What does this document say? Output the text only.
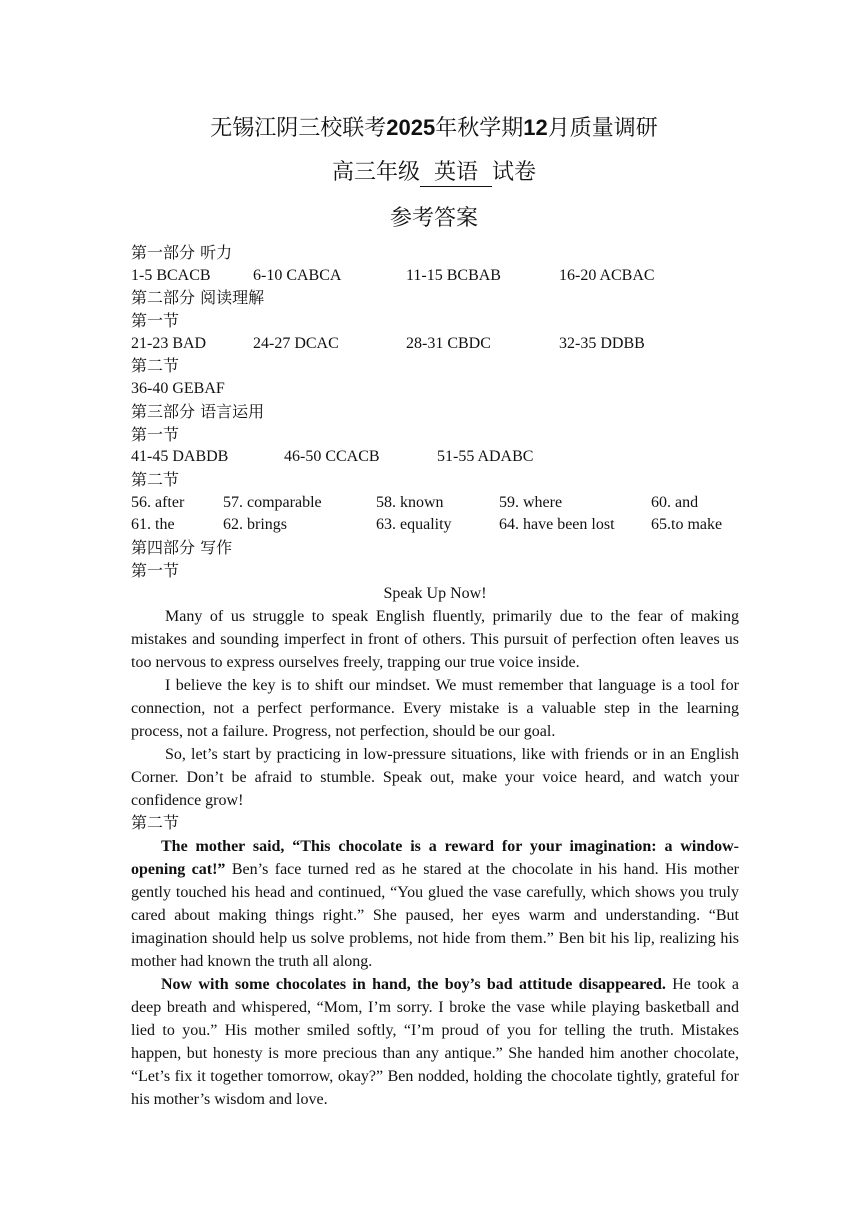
无锡江阴三校联考2025年秋学期12月质量调研
高三年级 英语 试卷
参考答案
第一部分 听力
1-5 BCACB	6-10 CABCA	11-15 BCBAB	16-20 ACBAC
第二部分 阅读理解
第一节
21-23 BAD	24-27 DCAC	28-31 CBDC	32-35 DDBB
第二节
36-40 GEBAF
第三部分 语言运用
第一节
41-45 DABDB	46-50 CCACB	51-55 ADABC
第二节
56. after	57. comparable	58. known	59. where	60. and
61. the	62. brings	63. equality	64. have been lost	65.to make
第四部分 写作
第一节
Speak Up Now!

Many of us struggle to speak English fluently, primarily due to the fear of making mistakes and sounding imperfect in front of others. This pursuit of perfection often leaves us too nervous to express ourselves freely, trapping our true voice inside.

I believe the key is to shift our mindset. We must remember that language is a tool for connection, not a perfect performance. Every mistake is a valuable step in the learning process, not a failure. Progress, not perfection, should be our goal.

So, let’s start by practicing in low-pressure situations, like with friends or in an English Corner. Don’t be afraid to stumble. Speak out, make your voice heard, and watch your confidence grow!

第二节

The mother said, “This chocolate is a reward for your imagination: a window-opening cat!” Ben’s face turned red as he stared at the chocolate in his hand. His mother gently touched his head and continued, “You glued the vase carefully, which shows you truly cared about making things right.” She paused, her eyes warm and understanding. “But imagination should help us solve problems, not hide from them.” Ben bit his lip, realizing his mother had known the truth all along.

Now with some chocolates in hand, the boy’s bad attitude disappeared. He took a deep breath and whispered, “Mom, I’m sorry. I broke the vase while playing basketball and lied to you.” His mother smiled softly, “I’m proud of you for telling the truth. Mistakes happen, but honesty is more precious than any antique.” She handed him another chocolate, “Let’s fix it together tomorrow, okay?” Ben nodded, holding the chocolate tightly, grateful for his mother’s wisdom and love.
